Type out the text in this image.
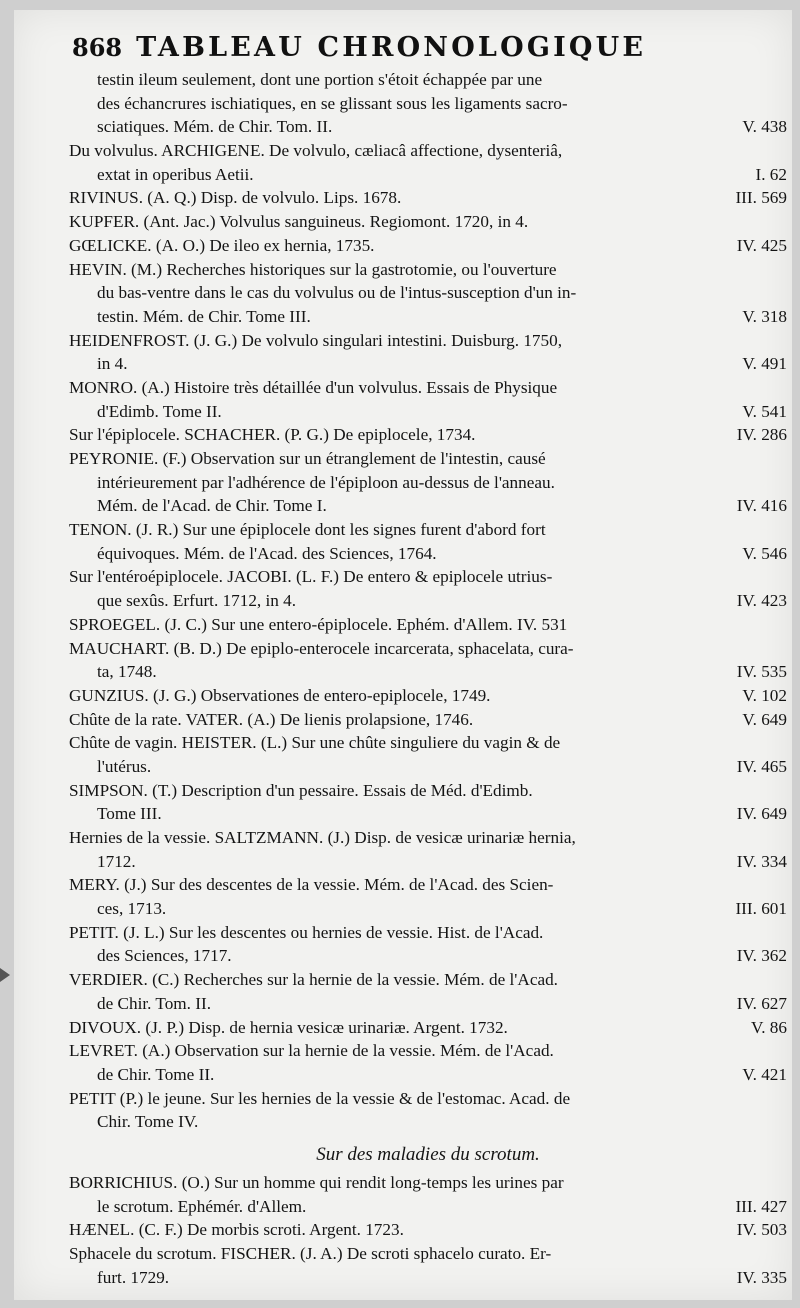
868 TABLEAU CHRONOLOGIQUE
testin ileum seulement, dont une portion s'étoit échappée par une
des échancrures ischiatiques, en se glissant sous les ligaments sacro-
sciatiques. Mém. de Chir. Tom. II.	V. 438
Du volvulus. ARCHIGENE. De volvulo, cæliacâ affectione, dysenteriâ,
extat in operibus Aetii.	I. 62
RIVINUS. (A. Q.) Disp. de volvulo. Lips. 1678.	III. 569
KUPFER. (Ant. Jac.) Volvulus sanguineus. Regiomont. 1720, in 4.
GŒLICKE. (A. O.) De ileo ex hernia, 1735.	IV. 425
HEVIN. (M.) Recherches historiques sur la gastrotomie, ou l'ouverture
du bas-ventre dans le cas du volvulus ou de l'intus-susception d'un in-
testin. Mém. de Chir. Tome III.	V. 318
HEIDENFROST. (J. G.) De volvulo singulari intestini. Duisburg. 1750,
in 4.	V. 491
MONRO. (A.) Histoire très détaillée d'un volvulus. Essais de Physique
d'Edimb. Tome II.	V. 541
Sur l'épiplocele. SCHACHER. (P. G.) De epiplocele, 1734.	IV. 286
PEYRONIE. (F.) Observation sur un étranglement de l'intestin, causé
intérieurement par l'adhérence de l'épiploon au-dessus de l'anneau.
Mém. de l'Acad. de Chir. Tome I.	IV. 416
TENON. (J. R.) Sur une épiplocele dont les signes furent d'abord fort
équivoques. Mém. de l'Acad. des Sciences, 1764.	V. 546
Sur l'entéroépiplocele. JACOBI. (L. F.) De entero & epiplocele utrius-
que sexûs. Erfurt. 1712, in 4.	IV. 423
SPROEGEL. (J. C.) Sur une entero-épiplocele. Ephém. d'Allem. IV. 531
MAUCHART. (B. D.) De epiplo-enterocele incarcerata, sphacelata, cura-
ta, 1748.	IV. 535
GUNZIUS. (J. G.) Observationes de entero-epiplocele, 1749.	V. 102
Chûte de la rate. VATER. (A.) De lienis prolapsione, 1746.	V. 649
Chûte de vagin. HEISTER. (L.) Sur une chûte singuliere du vagin & de
l'utérus.	IV. 465
SIMPSON. (T.) Description d'un pessaire. Essais de Méd. d'Edimb.
Tome III.	IV. 649
Hernies de la vessie. SALTZMANN. (J.) Disp. de vesicæ urinariæ hernia,
1712.	IV. 334
MERY. (J.) Sur des descentes de la vessie. Mém. de l'Acad. des Scien-
ces, 1713.	III. 601
PETIT. (J. L.) Sur les descentes ou hernies de vessie. Hist. de l'Acad.
des Sciences, 1717.	IV. 362
VERDIER. (C.) Recherches sur la hernie de la vessie. Mém. de l'Acad.
de Chir. Tom. II.	IV. 627
DIVOUX. (J. P.) Disp. de hernia vesicæ urinariæ. Argent. 1732.	V. 86
LEVRET. (A.) Observation sur la hernie de la vessie. Mém. de l'Acad.
de Chir. Tome II.	V. 421
PETIT (P.) le jeune. Sur les hernies de la vessie & de l'estomac. Acad. de
Chir. Tome IV.
Sur des maladies du scrotum.
BORRICHIUS. (O.) Sur un homme qui rendit long-temps les urines par
le scrotum. Ephémér. d'Allem.	III. 427
HÆNEL. (C. F.) De morbis scroti. Argent. 1723.	IV. 503
Sphacele du scrotum. FISCHER. (J. A.) De scroti sphacelo curato. Er-
furt. 1729.	IV. 335
